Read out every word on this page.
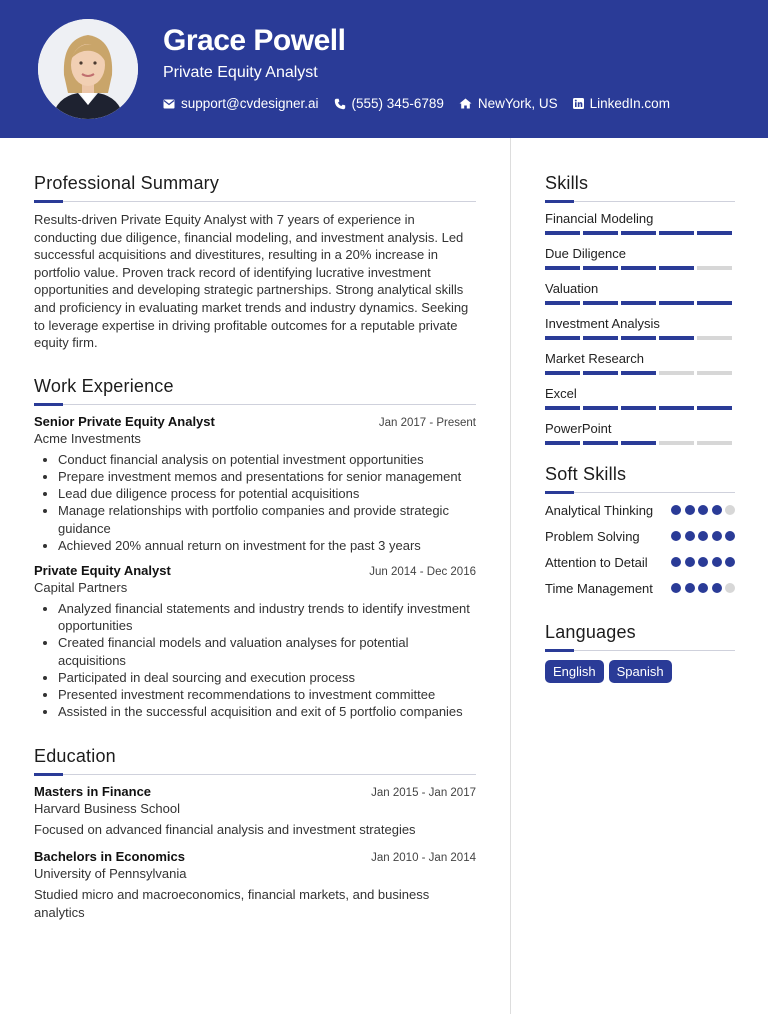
Grace Powell
Private Equity Analyst
support@cvdesigner.ai (555) 345-6789	NewYork, US LinkedIn.com
Professional Summary

Results-driven Private Equity Analyst with 7 years of experience in conducting due diligence, financial modeling, and investment analysis. Led successful acquisitions and divestitures, resulting in a 20% increase in portfolio value. Proven track record of identifying lucrative investment opportunities and developing strategic partnerships. Strong analytical skills and proficiency in evaluating market trends and industry dynamics. Seeking to leverage expertise in driving profitable outcomes for a reputable private equity firm.

Work Experience
Senior Private Equity Analyst	Jan 2017 - Present
Acme Investments
• Conduct financial analysis on potential investment opportunities
• Prepare investment memos and presentations for senior management
• Lead due diligence process for potential acquisitions
• Manage relationships with portfolio companies and provide strategic guidance
• Achieved 20% annual return on investment for the past 3 years
Private Equity Analyst	Jun 2014 - Dec 2016
Capital Partners
• Analyzed financial statements and industry trends to identify investment opportunities
• Created financial models and valuation analyses for potential acquisitions
• Participated in deal sourcing and execution process
• Presented investment recommendations to investment committee
• Assisted in the successful acquisition and exit of 5 portfolio companies
Education
Masters in Finance	Jan 2015 - Jan 2017
Harvard Business School
Focused on advanced financial analysis and investment strategies
Bachelors in Economics	Jan 2010 - Jan 2014
University of Pennsylvania
Studied micro and macroeconomics, financial markets, and business analytics
Skills
Financial Modeling
Due Diligence
Valuation
Investment Analysis
Market Research
Excel
PowerPoint
Soft Skills
Analytical Thinking
Problem Solving
Attention to Detail
Time Management
Languages
English	Spanish
